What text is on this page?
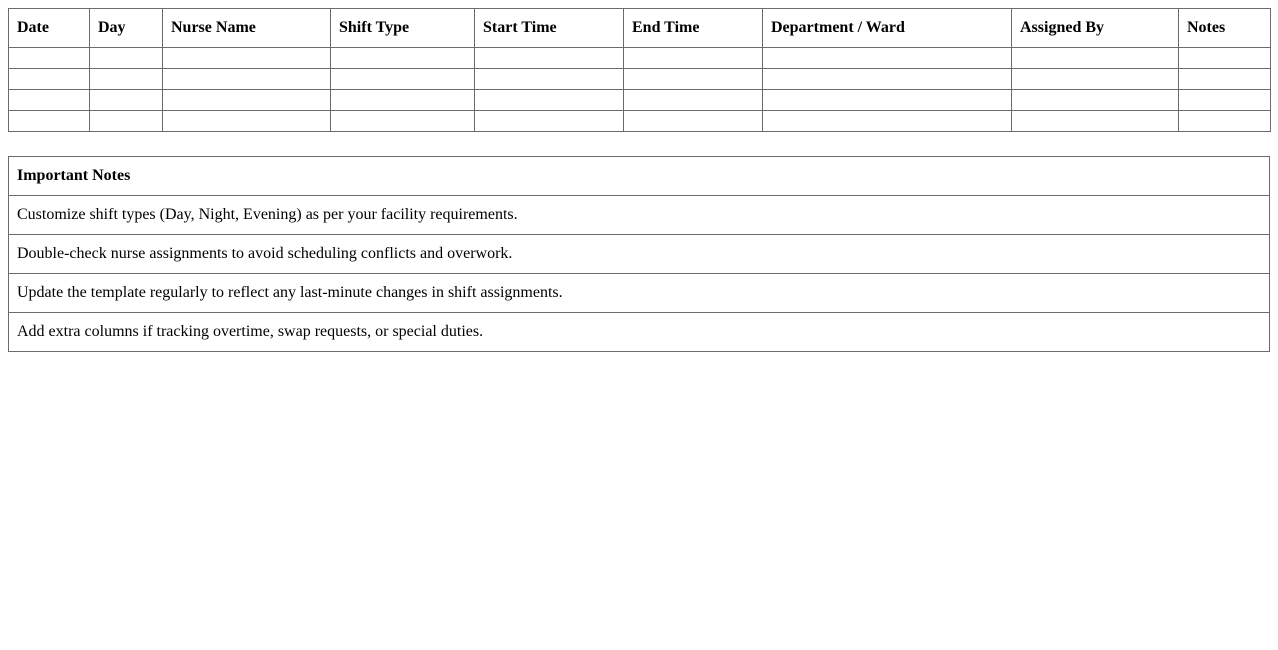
Date	Day	Nurse Name	Shift Type	Start Time	End Time	Department / Ward	Assigned By	Notes

Important Notes
Customize shift types (Day, Night, Evening) as per your facility requirements.
Double-check nurse assignments to avoid scheduling conflicts and overwork.
Update the template regularly to reflect any last-minute changes in shift assignments.
Add extra columns if tracking overtime, swap requests, or special duties.
